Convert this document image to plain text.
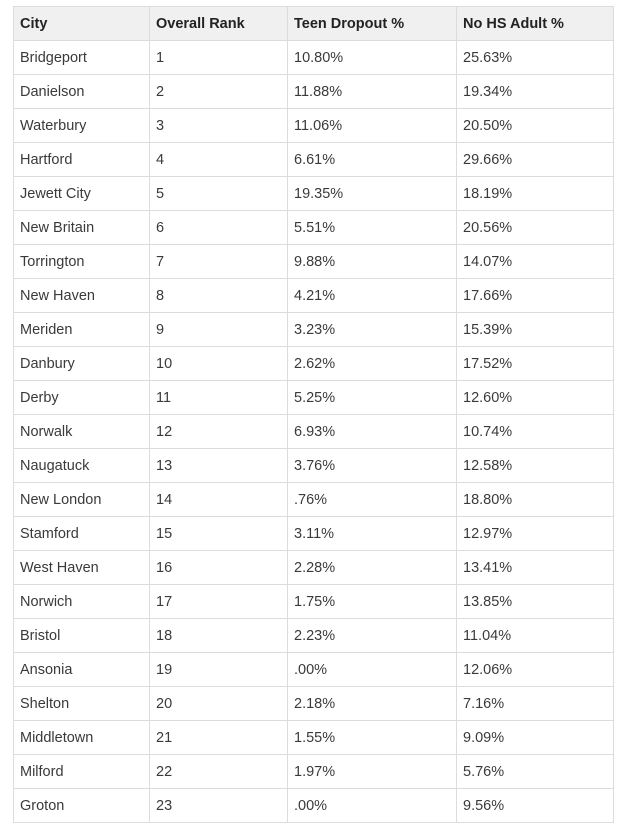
City	Overall Rank	Teen Dropout %	No HS Adult %
Bridgeport	1	10.80%	25.63%
Danielson	2	11.88%	19.34%
Waterbury	3	11.06%	20.50%
Hartford	4	6.61%	29.66%
Jewett City	5	19.35%	18.19%
New Britain	6	5.51%	20.56%
Torrington	7	9.88%	14.07%
New Haven	8	4.21%	17.66%
Meriden	9	3.23%	15.39%
Danbury	10	2.62%	17.52%
Derby	11	5.25%	12.60%
Norwalk	12	6.93%	10.74%
Naugatuck	13	3.76%	12.58%
New London	14	.76%	18.80%
Stamford	15	3.11%	12.97%
West Haven	16	2.28%	13.41%
Norwich	17	1.75%	13.85%
Bristol	18	2.23%	11.04%
Ansonia	19	.00%	12.06%
Shelton	20	2.18%	7.16%
Middletown	21	1.55%	9.09%
Milford	22	1.97%	5.76%
Groton	23	.00%	9.56%
